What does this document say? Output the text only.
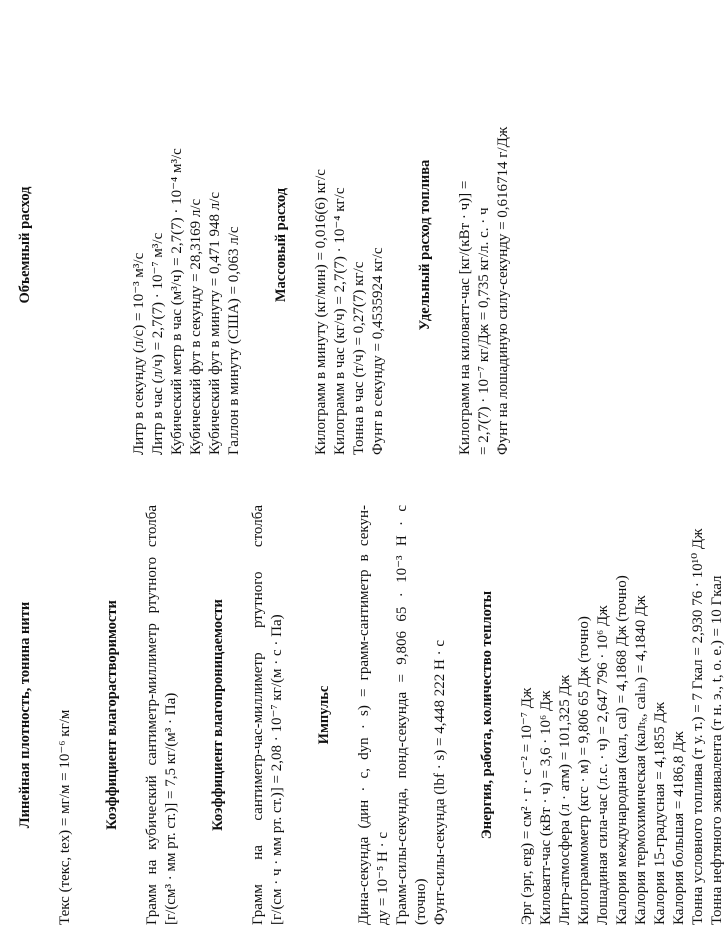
Линейная плотность, тонина нити Текс (текс, tex) = мг/м = 10⁻⁶ кг/м Коэффициент влагорастворимости Грамм на кубический сантиметр-миллиметр ртутного столба [г/(см³ · мм рт. ст.)] = 7,5 кг/(м³ · Па) Коэффициент влагопроницаемости Грамм на сантиметр-час-миллиметр ртутного столба [г/(см · ч · мм рт. ст.)] = 2,08 · 10⁻⁷ кг/(м · с · Па) Импульс Дина-секунда (дин · с, dyn · s) = грамм-сантиметр в секун- ду = 10⁻⁵ Н · с Грамм-силы-секунда, понд-секунда = 9,806 65 · 10⁻³ Н · с (точно) Фунт-силы-секунда (lbf · s) = 4,448 222 Н · с Энергия, работа, количество теплоты Эрг (эрг, erg) = см² · г · с⁻² = 10⁻⁷ Дж Киловатт-час (кВт · ч) = 3,6 · 10⁶ Дж Литр-атмосфера (л · атм) = 101,325 Дж Килограммометр (кгс · м) = 9,806 65 Дж (точно) Лошадиная сила-час (л.с. · ч) = 2,647 796 · 10⁶ Дж Калория международная (кал, cal) = 4,1868 Дж (точно) Калория термохимическая (калₜₓ, calₜₕ) = 4,1840 Дж Калория 15-градусная = 4,1855 Дж Калория большая = 4186,8 Дж Тонна условного топлива (т у. т.) = 7 Гкал = 2,930 76 · 10¹⁰ Дж Тонна нефтяного эквивалента (т н. э., t, o. e.) = 10 Гкал
Объемный расход
Литр в секунду (л/с) = 10⁻³ м³/с Литр в час (л/ч) = 2,7(7) · 10⁻⁷ м³/с Кубический метр в час (м³/ч) = 2,7(7) · 10⁻⁴ м³/с Кубический фут в секунду = 28,3169 л/с Кубический фут в минуту = 0,471 948 л/с Галлон в минуту (США) = 0,063 л/с Массовый расход Килограмм в минуту (кг/мин) = 0,016(6) кг/с Килограмм в час (кг/ч) = 2,7(7) · 10⁻⁴ кг/с Тонна в час (т/ч) = 0,27(7) кг/с Фунт в секунду = 0,4535924 кг/с
Удельный расход топлива Килограмм на киловатт-час [кг/(кВт · ч)] = = 2,7(7) · 10⁻⁷ кг/Дж = 0,735 кг/л. с. · ч Фунт на лошадиную силу-секунду = 0,616714 г/Дж
